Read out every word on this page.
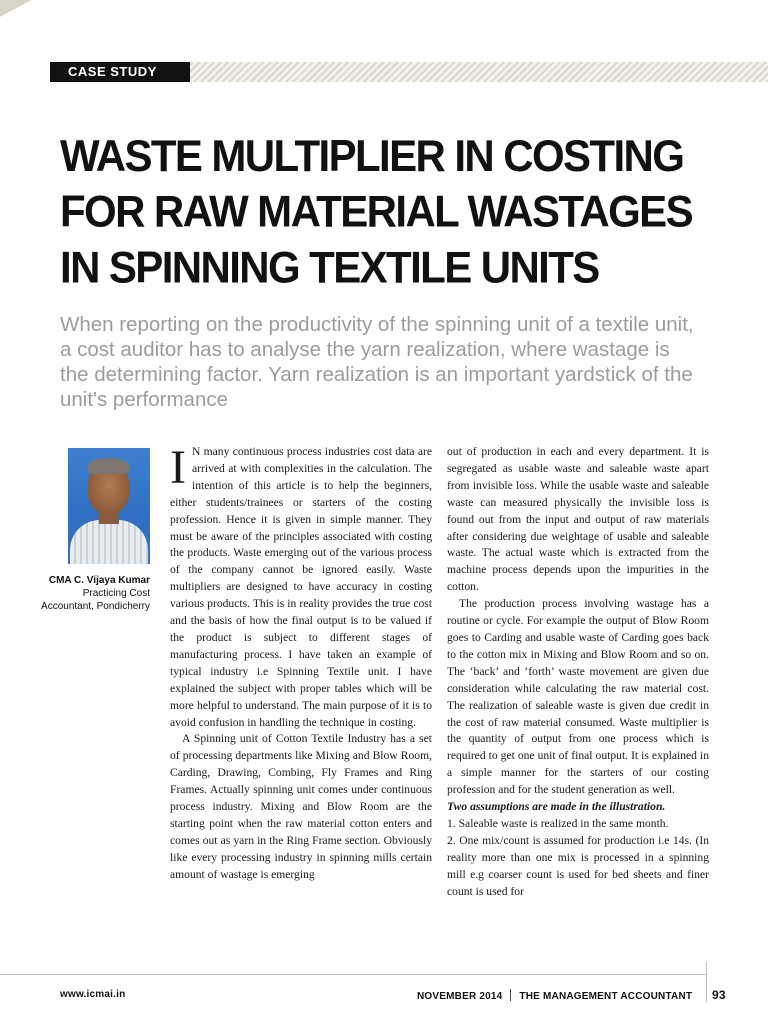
CASE STUDY
WASTE MULTIPLIER IN COSTING
FOR RAW MATERIAL WASTAGES
IN SPINNING TEXTILE UNITS

When reporting on the productivity of the spinning unit of a textile unit, a cost auditor has to analyse the yarn realization, where wastage is the determining factor. Yarn realization is an important yardstick of the unit's performance

CMA C. Vijaya Kumar
Practicing Cost Accountant, Pondicherry

I N many continuous process industries cost data are arrived at with complexities in the calculation. The intention of this article is to help the beginners, either students/trainees or starters of the costing profession. Hence it is given in simple manner. They must be aware of the principles associated with costing the products. Waste emerging out of the various process of the company cannot be ignored easily. Waste multipliers are designed to have accuracy in costing various products. This is in reality provides the true cost and the basis of how the final output is to be valued if the product is subject to different stages of manufacturing process. I have taken an example of typical industry i.e Spinning Textile unit. I have explained the subject with proper tables which will be more helpful to understand. The main purpose of it is to avoid confusion in handling the technique in costing.

A Spinning unit of Cotton Textile Industry has a set of processing departments like Mixing and Blow Room, Carding, Drawing, Combing, Fly Frames and Ring Frames. Actually spinning unit comes under continuous process industry. Mixing and Blow Room are the starting point when the raw material cotton enters and comes out as yarn in the Ring Frame section. Obviously like every processing industry in spinning mills certain amount of wastage is emerging

out of production in each and every department. It is segregated as usable waste and saleable waste apart from invisible loss. While the usable waste and saleable waste can measured physically the invisible loss is found out from the input and output of raw materials after considering due weightage of usable and saleable waste. The actual waste which is extracted from the machine process depends upon the impurities in the cotton.

The production process involving wastage has a routine or cycle. For example the output of Blow Room goes to Carding and usable waste of Carding goes back to the cotton mix in Mixing and Blow Room and so on. The ‘back’ and ‘forth’ waste movement are given due consideration while calculating the raw material cost. The realization of saleable waste is given due credit in the cost of raw material consumed. Waste multiplier is the quantity of output from one process which is required to get one unit of final output. It is explained in a simple manner for the starters of our costing profession and for the student generation as well.

Two assumptions are made in the illustration.

1. Saleable waste is realized in the same month.

2. One mix/count is assumed for production i.e 14s. (In reality more than one mix is processed in a spinning mill e.g coarser count is used for bed sheets and finer count is used for

www.icmai.in	NOVEMBER 2014 THE MANAGEMENT ACCOUNTANT 93
